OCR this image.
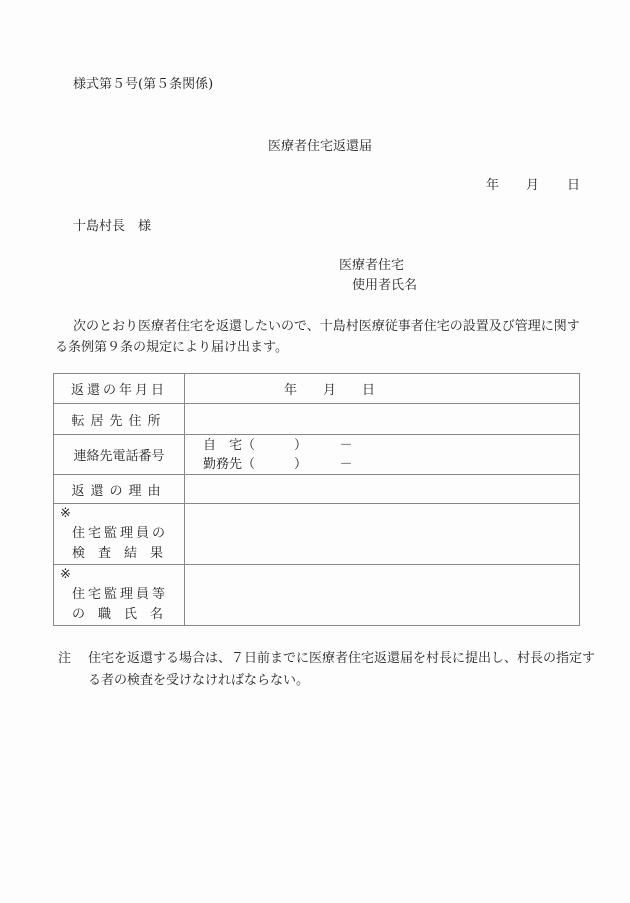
様式第５号(第５条関係)
医療者住宅返還届
年 月 日
十島村長　様
医療者住宅
使用者氏名
次のとおり医療者住宅を返還したいので、十島村医療従事者住宅の設置及び管理に関する条例第９条の規定により届け出ます。
返還の年月日	年　　月　　日
転居先住所	
連絡先電話番号	自　宅（　　　）　　　－
勤務先（　　　）　　　－

返還の理由	

※
住宅監理員の
検査結果	

※
住宅監理員等
の職氏名	

注	住宅を返還する場合は、７日前までに医療者住宅返還届を村長に提出し、村長の指定する者の検査を受けなければならない。
